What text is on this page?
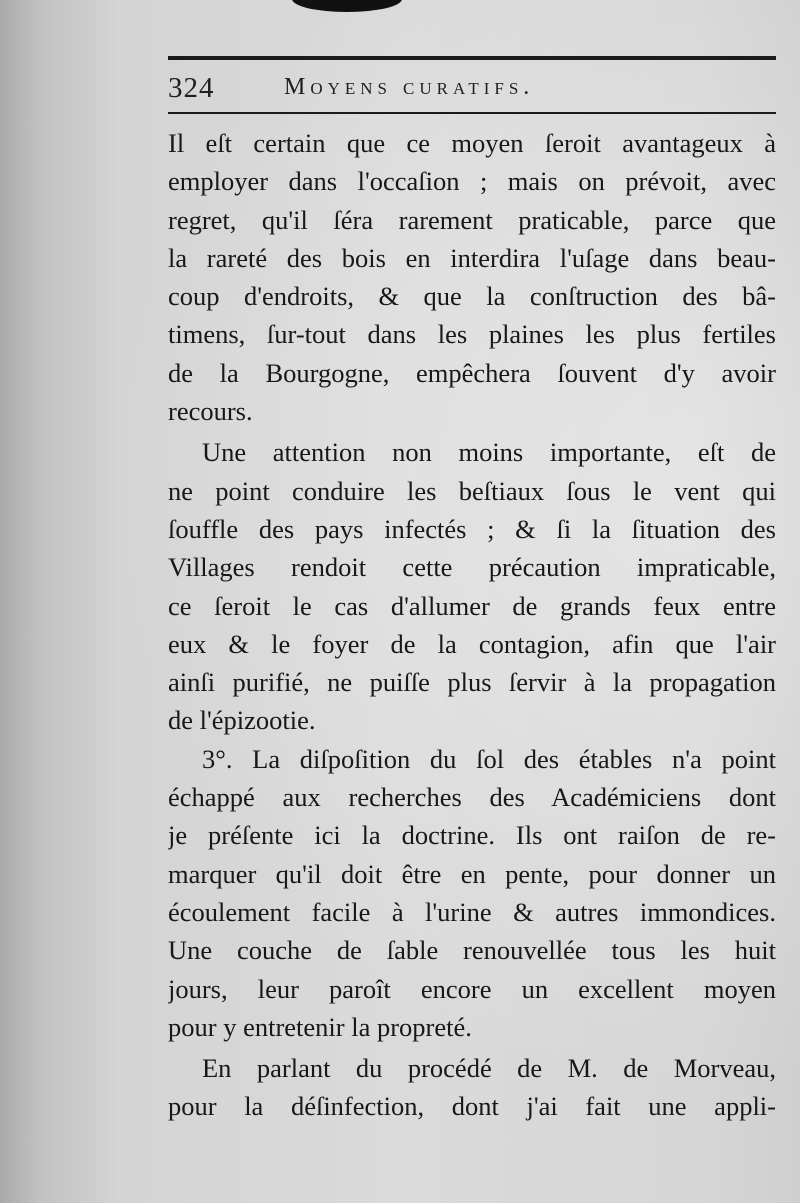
324	Moyens curatifs.
Il eſt certain que ce moyen ſeroit avantageux à
employer dans l'occaſion ; mais on prévoit, avec
regret, qu'il ſéra rarement praticable, parce que
la rareté des bois en interdira l'uſage dans beau-
coup d'endroits, & que la conſtruction des bâ-
timens, ſur-tout dans les plaines les plus fertiles
de la Bourgogne, empêchera ſouvent d'y avoir
recours.
Une attention non moins importante, eſt de
ne point conduire les beſtiaux ſous le vent qui
ſouffle des pays infectés ; & ſi la ſituation des
Villages rendoit cette précaution impraticable,
ce ſeroit le cas d'allumer de grands feux entre
eux & le foyer de la contagion, afin que l'air
ainſi purifié, ne puiſſe plus ſervir à la propagation
de l'épizootie.
3°. La diſpoſition du ſol des étables n'a point
échappé aux recherches des Académiciens dont
je préſente ici la doctrine. Ils ont raiſon de re-
marquer qu'il doit être en pente, pour donner un
écoulement facile à l'urine & autres immondices.
Une couche de ſable renouvellée tous les huit
jours, leur paroît encore un excellent moyen
pour y entretenir la propreté.
En parlant du procédé de M. de Morveau,
pour la déſinfection, dont j'ai fait une appli-
